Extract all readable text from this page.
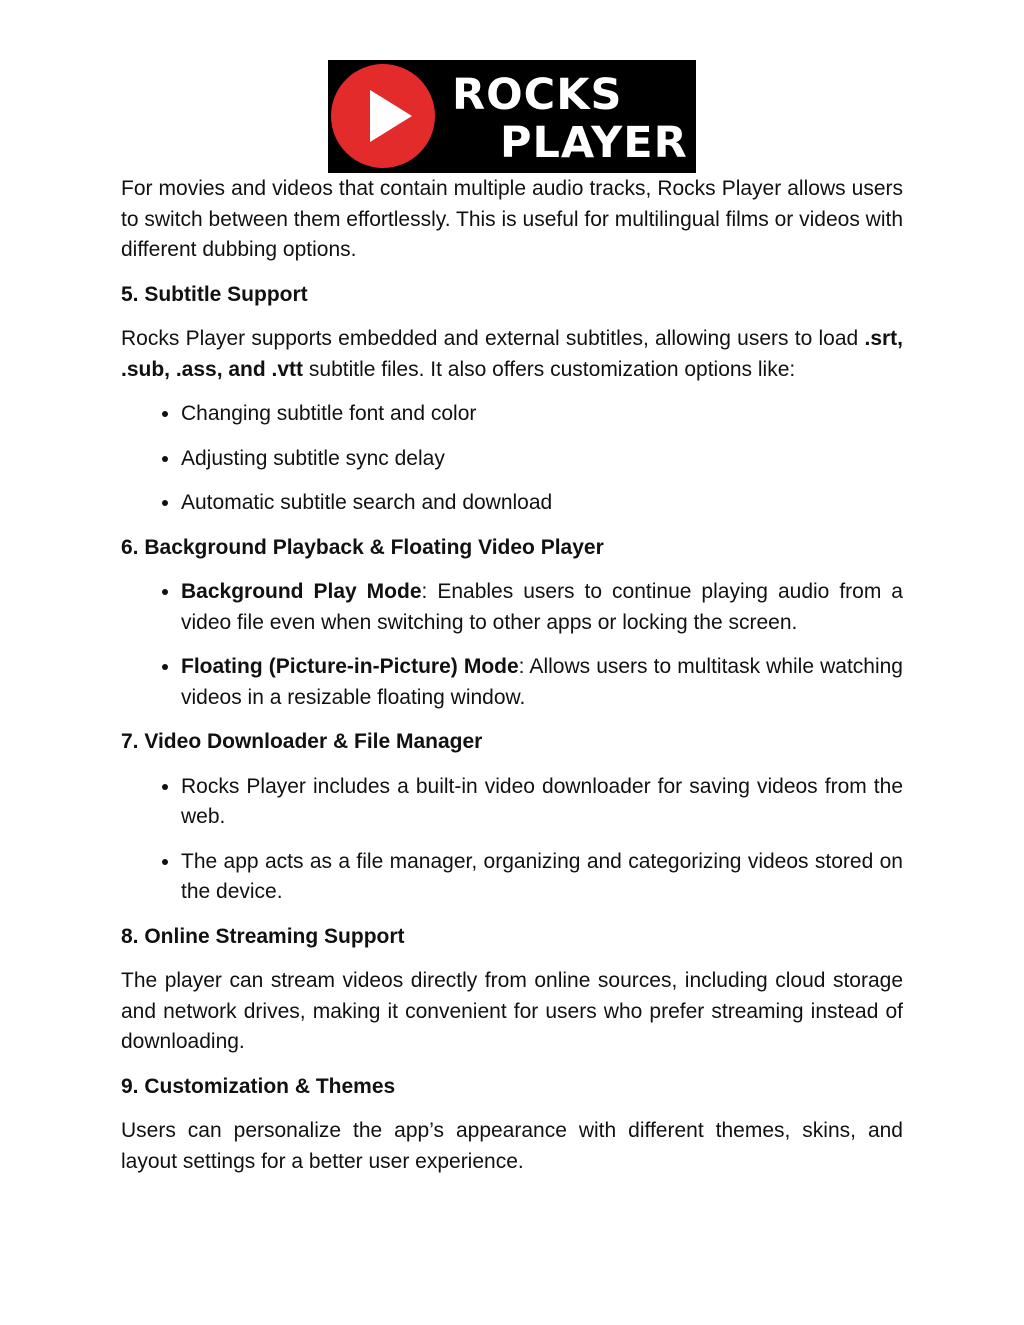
ROCKS
PLAYER

For movies and videos that contain multiple audio tracks, Rocks Player allows users to switch between them effortlessly. This is useful for multilingual films or videos with different dubbing options.

5. Subtitle Support

Rocks Player supports embedded and external subtitles, allowing users to load .srt, .sub, .ass, and .vtt subtitle files. It also offers customization options like:

• Changing subtitle font and color
• Adjusting subtitle sync delay
• Automatic subtitle search and download
6. Background Playback & Floating Video Player
• Background Play Mode: Enables users to continue playing audio from a video file even when switching to other apps or locking the screen.
• Floating (Picture-in-Picture) Mode: Allows users to multitask while watching videos in a resizable floating window.
7. Video Downloader & File Manager
• Rocks Player includes a built-in video downloader for saving videos from the web.
• The app acts as a file manager, organizing and categorizing videos stored on the device.
8. Online Streaming Support

The player can stream videos directly from online sources, including cloud storage and network drives, making it convenient for users who prefer streaming instead of downloading.

9. Customization & Themes

Users can personalize the app’s appearance with different themes, skins, and layout settings for a better user experience.
